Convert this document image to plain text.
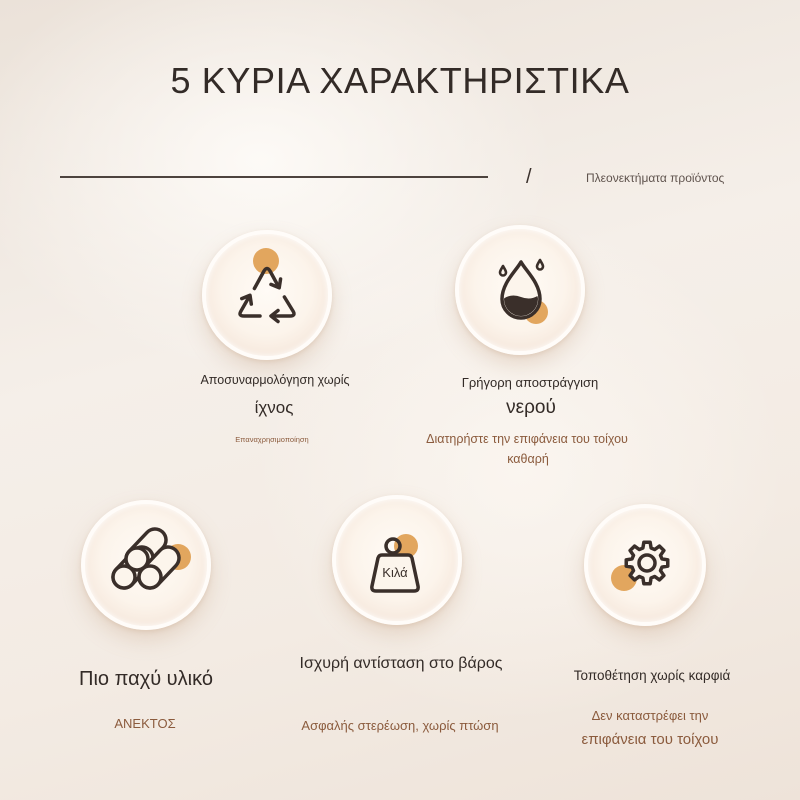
5 ΚΥΡΙΑ ΧΑΡΑΚΤΗΡΙΣΤΙΚΑ
/	Πλεονεκτήματα προϊόντος
Αποσυναρμολόγηση χωρίς
ίχνος
Επαναχρησιμοποίηση
Γρήγορη αποστράγγιση
νερού
Διατηρήστε την επιφάνεια του τοίχου
καθαρή
Πιο παχύ υλικό
ΑΝΕΚΤΟΣ
Κιλά
Ισχυρή αντίσταση στο βάρος
Ασφαλής στερέωση, χωρίς πτώση
Τοποθέτηση χωρίς καρφιά
Δεν καταστρέφει την
επιφάνεια του τοίχου
